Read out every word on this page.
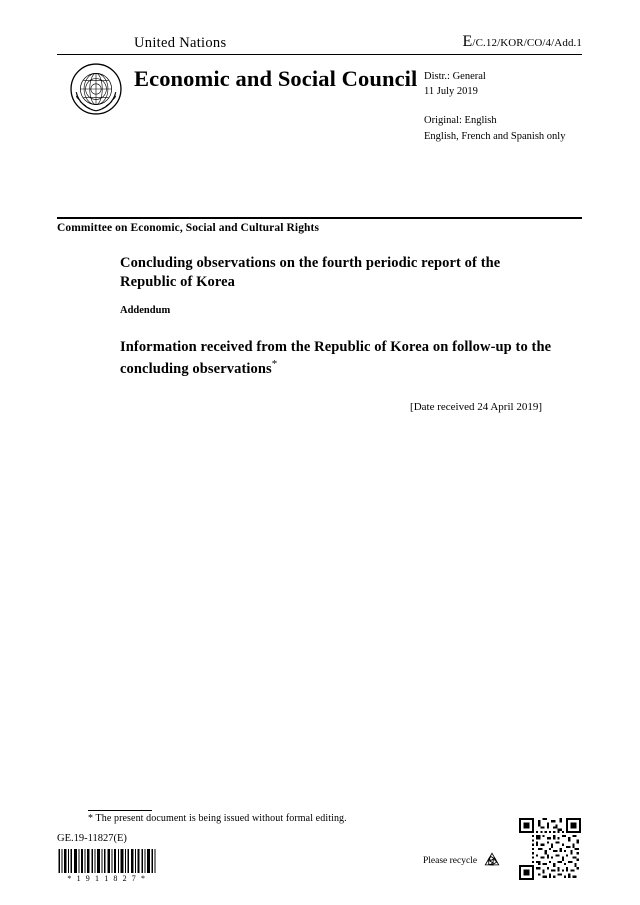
United Nations	E/C.12/KOR/CO/4/Add.1
Economic and Social Council Distr.: General
11 July 2019
Original: English
English, French and Spanish only
Committee on Economic, Social and Cultural Rights
Concluding observations on the fourth periodic report of the Republic of Korea
Addendum
Information received from the Republic of Korea on follow-up to the concluding observations*
[Date received 24 April 2019]
* The present document is being issued without formal editing.
GE.19-11827(E)
* 1 9 1 1 8 2 7 *
Please recycle
